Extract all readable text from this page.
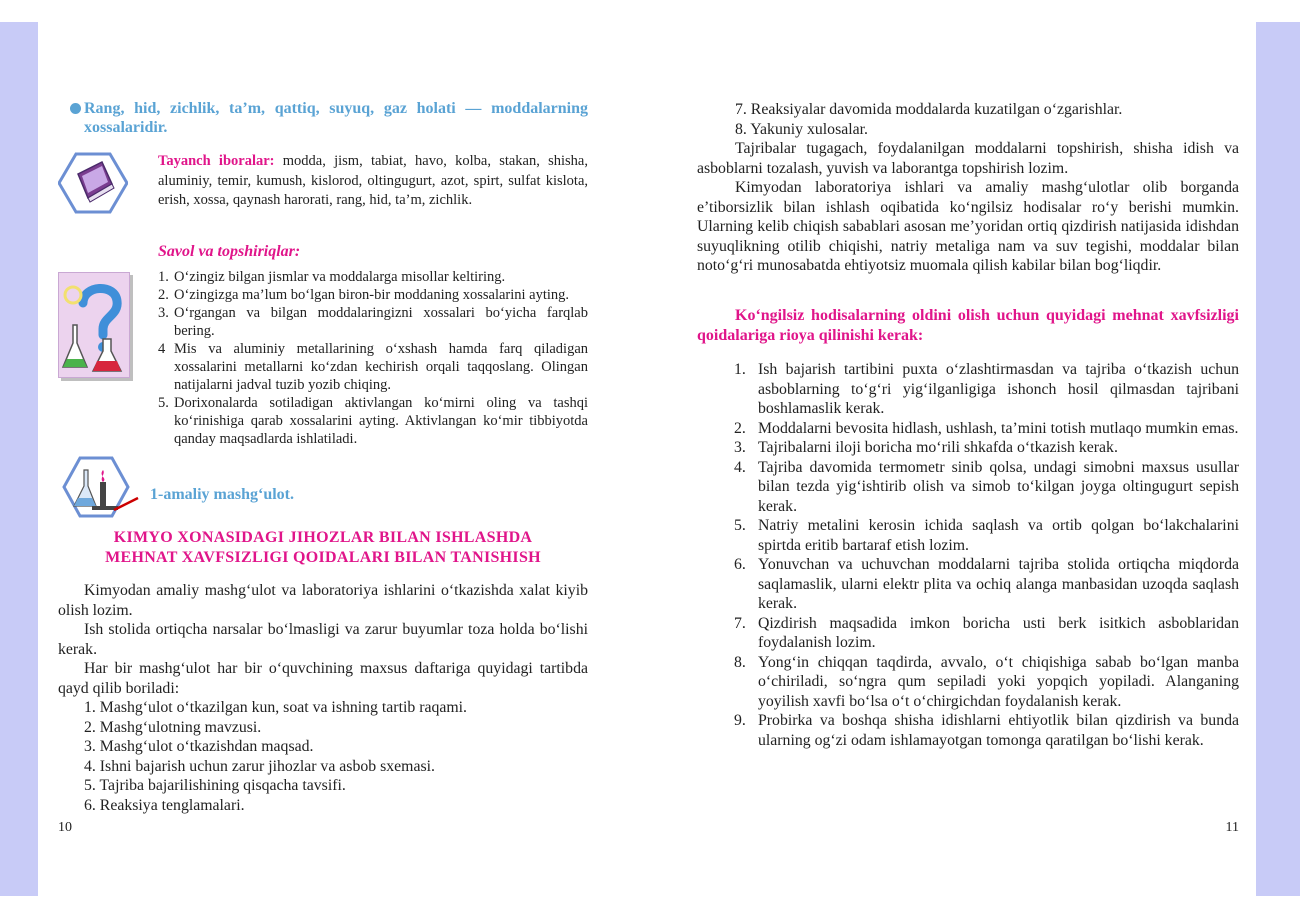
Rang, hid, zichlik, ta’m, qattiq, suyuq, gaz holati — moddalarning xossalaridir.
Tayanch iboralar: modda, jism, tabiat, havo, kolba, stakan, shisha, aluminiy, temir, kumush, kislorod, oltingugurt, azot, spirt, sulfat kislota, erish, xossa, qaynash harorati, rang, hid, ta’m, ziсhlik.
Savol va topshiriqlar:
1. O‘zingiz bilgan jismlar va moddalarga misollar keltiring.
2. O‘zingizga ma’lum bo‘lgan biron-bir moddaning xossalarini ayting.
3. O‘rgangan va bilgan moddalaringizni xossalari bo‘yicha farqlab bering.
4 Mis va aluminiy metallarining o‘xshash hamda farq qiladigan xossalarini metallarni ko‘zdan kechirish orqali taqqoslang. Olingan natijalarni jadval tuzib yozib chiqing.
5. Dorixonalarda sotiladigan aktivlangan ko‘mirni oling va tashqi ko‘rinishiga qarab xossalarini ayting. Aktivlangan ko‘mir tibbiyotda qanday maqsadlarda ishlatiladi.
1-amaliy mashg‘ulot.
KIMYO XONASIDAGI JIHOZLAR BILAN ISHLASHDA
MEHNAT XAVFSIZLIGI QOIDALARI BILAN TANISHISH

Kimyodan amaliy mashg‘ulot va laboratoriya ishlarini o‘tkazishda xalat kiyib olish lozim.

Ish stolida ortiqcha narsalar bo‘lmasligi va zarur buyumlar toza holda bo‘lishi kerak.

Har bir mashg‘ulot har bir o‘quvchining maxsus daftariga quyidagi tartibda qayd qilib boriladi:

1. Mashg‘ulot o‘tkazilgan kun, soat va ishning tartib raqami.
2. Mashg‘ulotning mavzusi.
3. Mashg‘ulot o‘tkazishdan maqsad.
4. Ishni bajarish uchun zarur jihozlar va asbob sxemasi.
5. Tajriba bajarilishining qisqacha tavsifi.
6. Reaksiya tenglamalari.
10
7. Reaksiyalar davomida moddalarda kuzatilgan o‘zgarishlar.
8. Yakuniy xulosalar.

Tajribalar tugagach, foydalanilgan moddalarni topshirish, shisha idish va asboblarni tozalash, yuvish va laborantga topshirish lozim.

Kimyodan laboratoriya ishlari va amaliy mashg‘ulotlar olib borganda e’tiborsizlik bilan ishlash oqibatida ko‘ngilsiz hodisalar ro‘y berishi mumkin. Ularning kelib chiqish sabablari asosan me’yoridan ortiq qizdirish natijasida idishdan suyuqlikning otilib chiqishi, natriy metaliga nam va suv tegishi, moddalar bilan noto‘g‘ri munosabatda ehtiyotsiz muomala qilish kabilar bilan bog‘liqdir.

Ko‘ngilsiz hodisalarning oldini olish uchun quyidagi mehnat xavfsizligi qoidalariga rioya qilinishi kerak:
1. Ish bajarish tartibini puxta o‘zlashtirmasdan va tajriba o‘tkazish uchun asboblarning to‘g‘ri yig‘ilganligiga ishonch hosil qilmasdan tajribani boshlamaslik kerak.
2. Moddalarni bevosita hidlash, ushlash, ta’mini totish mutlaqo mumkin emas.
3. Tajribalarni iloji boricha mo‘rili shkafda o‘tkazish kerak.
4. Tajriba davomida termometr sinib qolsa, undagi simobni maxsus usullar bilan tezda yig‘ishtirib olish va simob to‘kilgan joyga oltingugurt sepish kerak.
5. Natriy metalini kerosin ichida saqlash va ortib qolgan bo‘lakchalarini spirtda eritib bartaraf etish lozim.
6. Yonuvchan va uchuvchan moddalarni tajriba stolida ortiqcha miqdorda saqlamaslik, ularni elektr plita va ochiq alanga manbasidan uzoqda saqlash kerak.
7. Qizdirish maqsadida imkon boricha usti berk isitkich asboblaridan foydalanish lozim.
8. Yong‘in chiqqan taqdirda, avvalo, o‘t chiqishiga sabab bo‘lgan manba o‘chiriladi, so‘ngra qum sepiladi yoki yopqich yopiladi. Alanganing yoyilish xavfi bo‘lsa o‘t o‘chirgichdan foydalanish kerak.
9. Probirka va boshqa shisha idishlarni ehtiyotlik bilan qizdirish va bunda ularning og‘zi odam ishlamayotgan tomonga qaratilgan bo‘lishi kerak.
11
